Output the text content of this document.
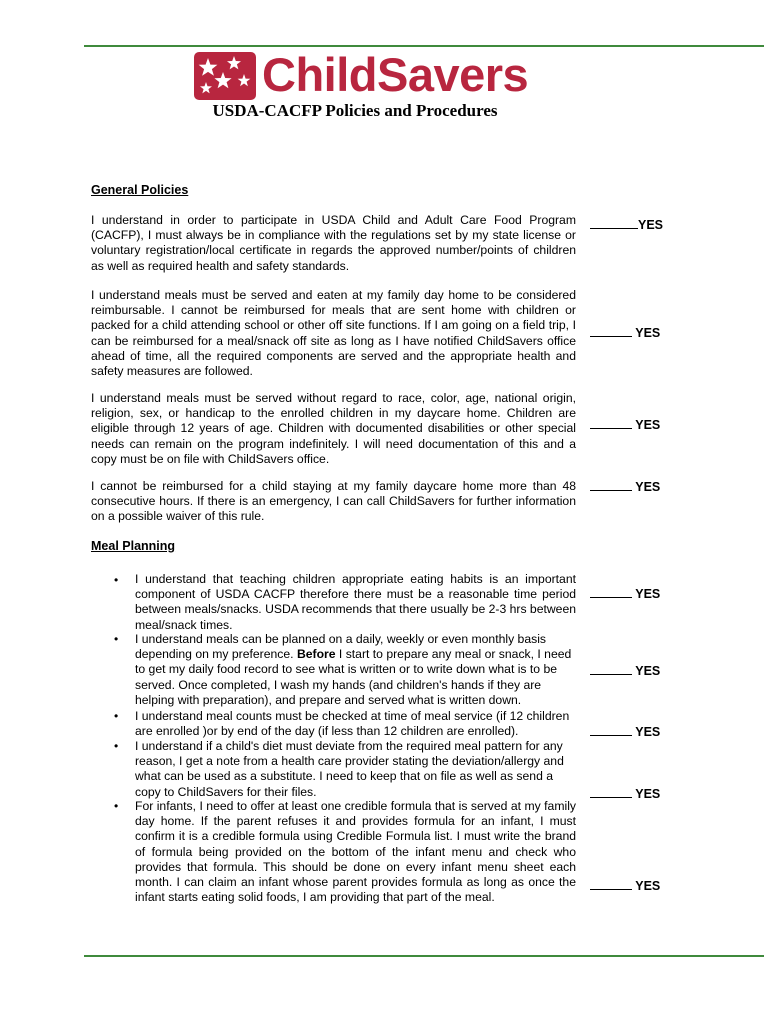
ChildSavers
USDA-CACFP Policies and Procedures
General Policies
I understand in order to participate in USDA Child and Adult Care Food Program (CACFP), I must always be in compliance with the regulations set by my state license or voluntary registration/local certificate in regards the approved number/points of children as well as required health and safety standards.
YES
I understand meals must be served and eaten at my family day home to be considered reimbursable. I cannot be reimbursed for meals that are sent home with children or packed for a child attending school or other off site functions. If I am going on a field trip, I can be reimbursed for a meal/snack off site as long as I have notified ChildSavers office ahead of time, all the required components are served and the appropriate health and safety measures are followed.
YES
I understand meals must be served without regard to race, color, age, national origin, religion, sex, or handicap to the enrolled children in my daycare home. Children are eligible through 12 years of age. Children with documented disabilities or other special needs can remain on the program indefinitely. I will need documentation of this and a copy must be on file with ChildSavers office.
YES
I cannot be reimbursed for a child staying at my family daycare home more than 48 consecutive hours. If there is an emergency, I can call ChildSavers for further information on a possible waiver of this rule.
YES
Meal Planning
• I understand that teaching children appropriate eating habits is an important component of USDA CACFP therefore there must be a reasonable time period between meals/snacks. USDA recommends that there usually be 2-3 hrs between meal/snack times.
YES
• I understand meals can be planned on a daily, weekly or even monthly basis depending on my preference. Before I start to prepare any meal or snack, I need to get my daily food record to see what is written or to write down what is to be served. Once completed, I wash my hands (and children's hands if they are helping with preparation), and prepare and served what is written down.
YES
• I understand meal counts must be checked at time of meal service (if 12 children are enrolled )or by end of the day (if less than 12 children are enrolled).	YES
• I understand if a child's diet must deviate from the required meal pattern for any reason, I get a note from a health care provider stating the deviation/allergy and what can be used as a substitute. I need to keep that on file as well as send a copy to ChildSavers for their files.	YES
• For infants, I need to offer at least one credible formula that is served at my family day home. If the parent refuses it and provides formula for an infant, I must confirm it is a credible formula using Credible Formula list. I must write the brand of formula being provided on the bottom of the infant menu and check who provides that formula. This should be done on every infant menu sheet each month. I can claim an infant whose parent provides formula as long as once the infant starts eating solid foods, I am providing that part of the meal.
YES
